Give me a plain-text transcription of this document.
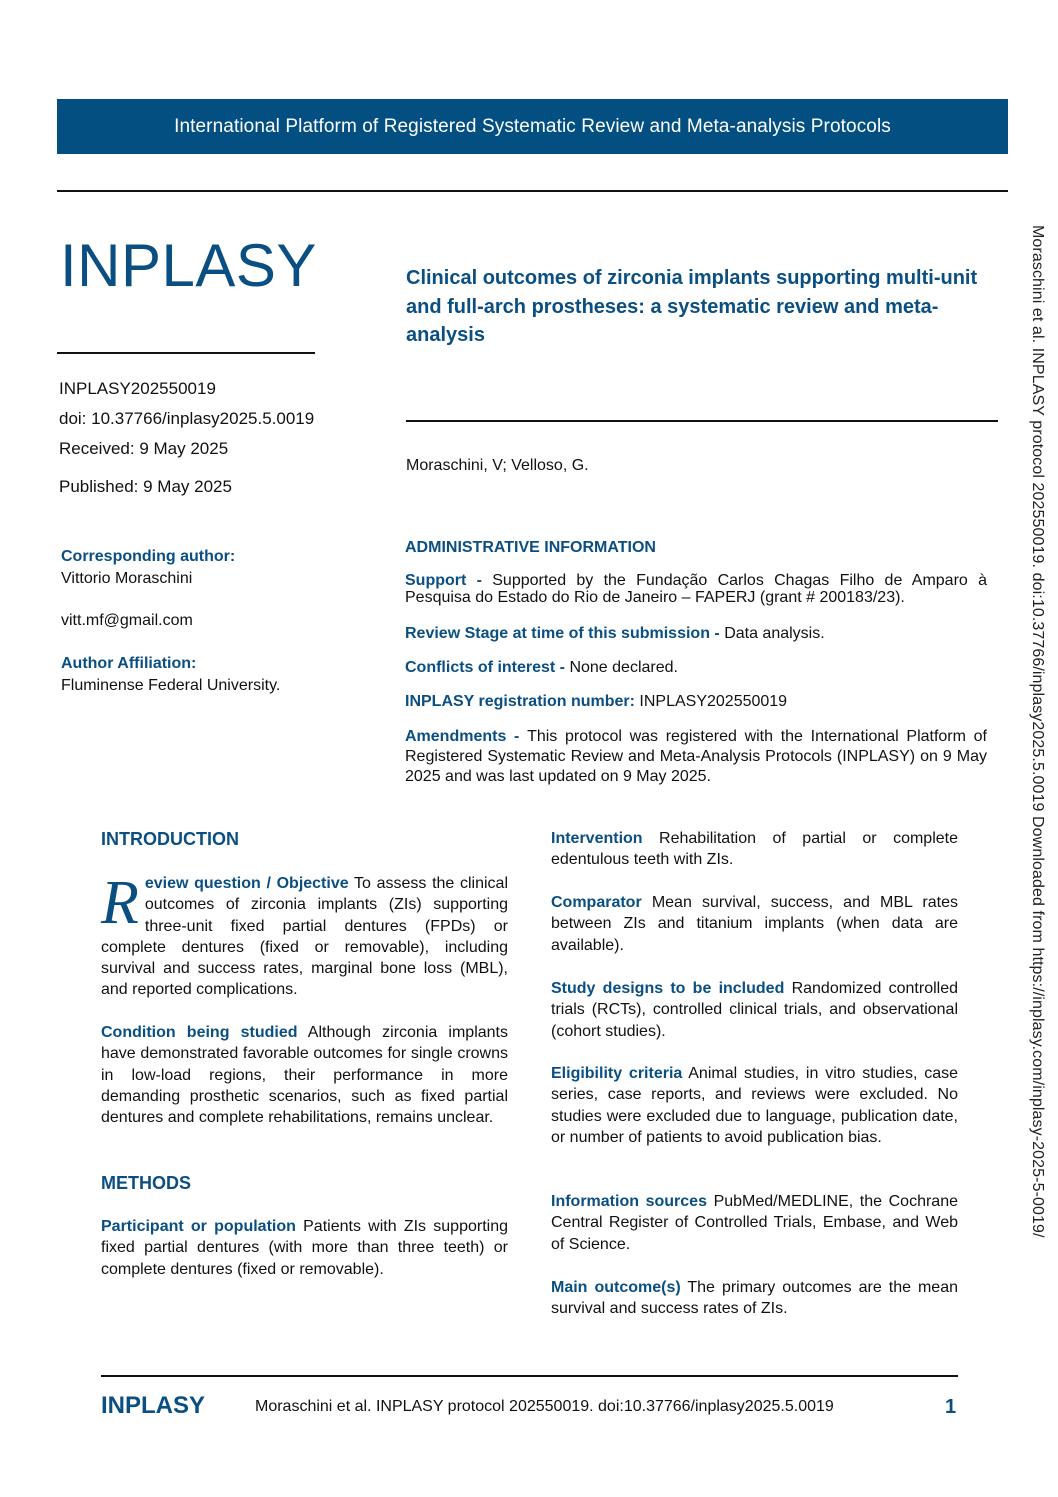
International Platform of Registered Systematic Review and Meta-analysis Protocols
INPLASY
INPLASY202550019
doi: 10.37766/inplasy2025.5.0019
Received: 9 May 2025
Published: 9 May 2025
Clinical outcomes of zirconia implants supporting multi-unit and full-arch prostheses: a systematic review and meta-analysis
Moraschini, V; Velloso, G.
Corresponding author:
Vittorio Moraschini
vitt.mf@gmail.com
Author Affiliation:
Fluminense Federal University.
ADMINISTRATIVE INFORMATION
Support - Supported by the Fundação Carlos Chagas Filho de Amparo à Pesquisa do Estado do Rio de Janeiro – FAPERJ (grant # 200183/23).
Review Stage at time of this submission - Data analysis.
Conflicts of interest - None declared.
INPLASY registration number: INPLASY202550019
Amendments - This protocol was registered with the International Platform of Registered Systematic Review and Meta-Analysis Protocols (INPLASY) on 9 May 2025 and was last updated on 9 May 2025.
INTRODUCTION
Review question / Objective To assess the clinical outcomes of zirconia implants (ZIs) supporting three-unit fixed partial dentures (FPDs) or complete dentures (fixed or removable), including survival and success rates, marginal bone loss (MBL), and reported complications.
Condition being studied Although zirconia implants have demonstrated favorable outcomes for single crowns in low-load regions, their performance in more demanding prosthetic scenarios, such as fixed partial dentures and complete rehabilitations, remains unclear.
METHODS
Participant or population Patients with ZIs supporting fixed partial dentures (with more than three teeth) or complete dentures (fixed or removable).
Intervention Rehabilitation of partial or complete edentulous teeth with ZIs.
Comparator Mean survival, success, and MBL rates between ZIs and titanium implants (when data are available).
Study designs to be included Randomized controlled trials (RCTs), controlled clinical trials, and observational (cohort studies).
Eligibility criteria Animal studies, in vitro studies, case series, case reports, and reviews were excluded. No studies were excluded due to language, publication date, or number of patients to avoid publication bias.
Information sources PubMed/MEDLINE, the Cochrane Central Register of Controlled Trials, Embase, and Web of Science.
Main outcome(s) The primary outcomes are the mean survival and success rates of ZIs.
INPLASY	Moraschini et al. INPLASY protocol 202550019. doi:10.37766/inplasy2025.5.0019	1
Moraschini et al. INPLASY protocol 202550019. doi:10.37766/inplasy2025.5.0019 Downloaded from https://inplasy.com/inplasy-2025-5-0019/
